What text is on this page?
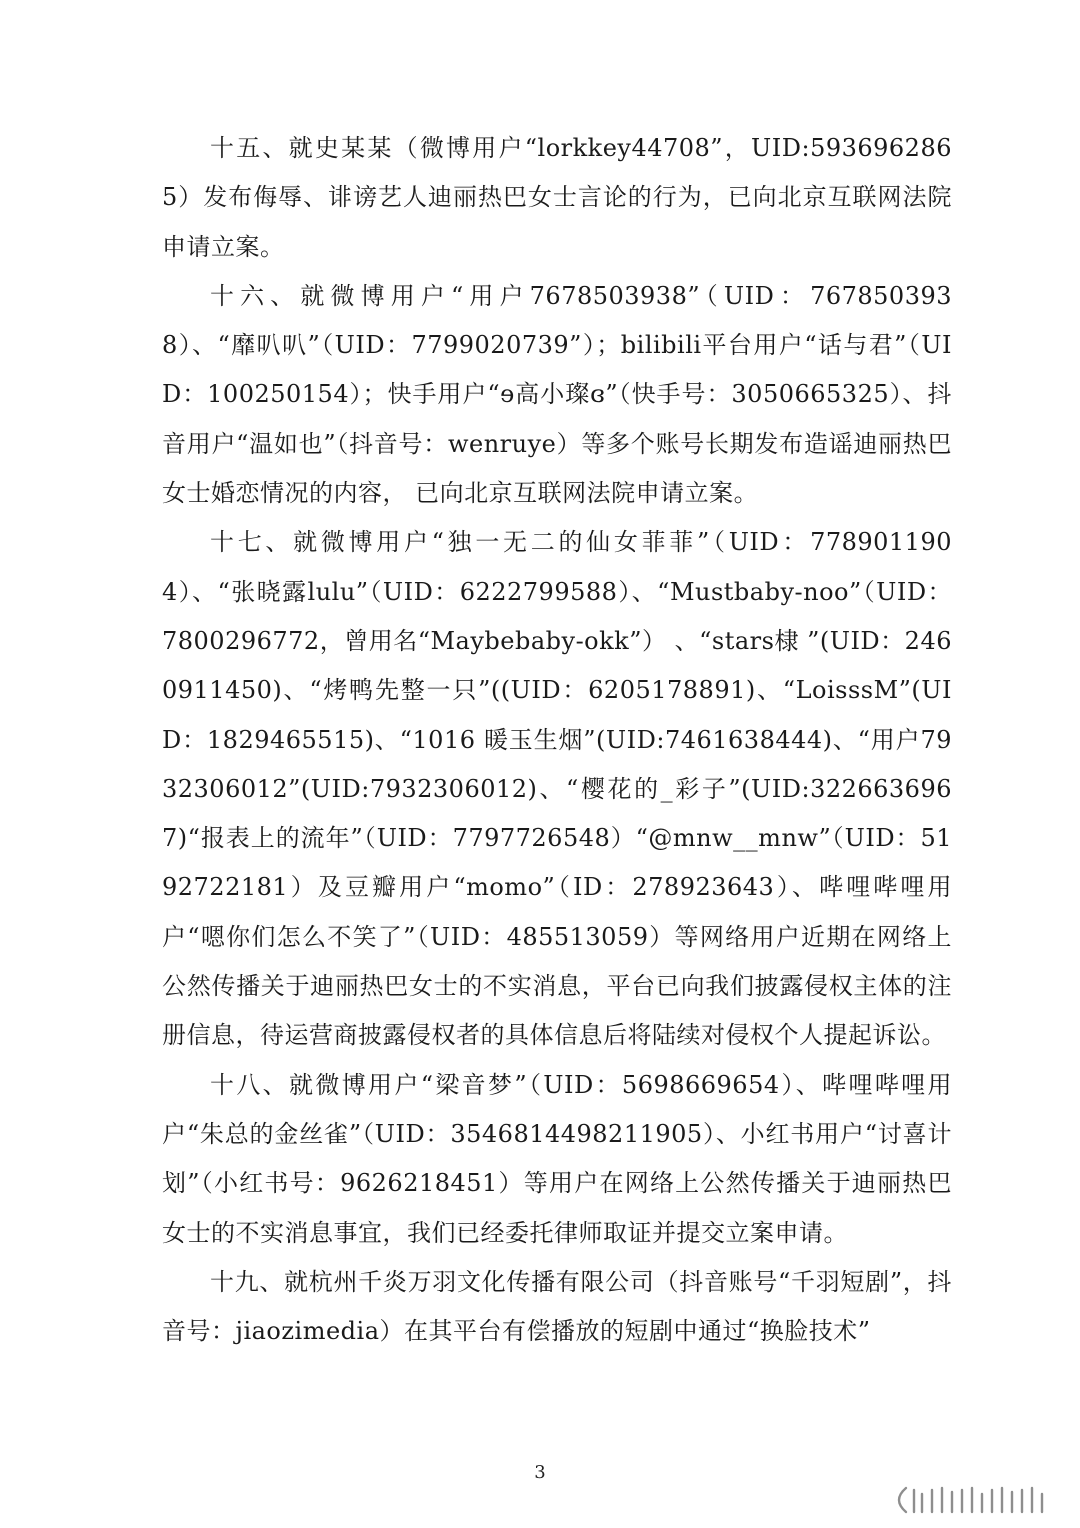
十五、就史某某（微博用户“lorkkey44708”，UID:5936962865）发布侮辱、诽谤艺人迪丽热巴女士言论的行为，已向北京互联网法院申请立案。

十六、就微博用户“用户7678503938”（UID：7678503938）、“靡叭叭”（UID：7799020739”）；bilibili平台用户“话与君”（UID：100250154）；快手用户“ɘ高小璨ɞ”（快手号：3050665325）、抖音用户“温如也”（抖音号：wenruye）等多个账号长期发布造谣迪丽热巴女士婚恋情况的内容， 已向北京互联网法院申请立案。

十七、就微博用户“独一无二的仙女菲菲”（UID：7789011904）、“张晓露lulu”（UID：6222799588）、“Mustbaby-noo”（UID：7800296772，曾用名“Maybebaby-okk”） 、“stars棣 ”(UID：2460911450)、“烤鸭先整一只”((UID：6205178891)、“LoisssM”(UID：1829465515)、“1016 暖玉生烟”(UID:7461638444)、“用户7932306012”(UID:7932306012)、“樱花的_彩子”(UID:3226636967)“报表上的流年”（UID：7797726548）“@mnw__mnw”（UID：5192722181）及豆瓣用户“momo”（ID：278923643）、哔哩哔哩用户“嗯你们怎么不笑了”（UID：485513059）等网络用户近期在网络上公然传播关于迪丽热巴女士的不实消息，平台已向我们披露侵权主体的注册信息，待运营商披露侵权者的具体信息后将陆续对侵权个人提起诉讼。

十八、就微博用户“梁音梦”（UID：5698669654）、哔哩哔哩用户“朱总的金丝雀”（UID：3546814498211905）、小红书用户“讨喜计划”（小红书号：9626218451）等用户在网络上公然传播关于迪丽热巴女士的不实消息事宜，我们已经委托律师取证并提交立案申请。

十九、就杭州千炎万羽文化传播有限公司（抖音账号“千羽短剧”，抖音号：jiaozimedia）在其平台有偿播放的短剧中通过“换脸技术”

3
